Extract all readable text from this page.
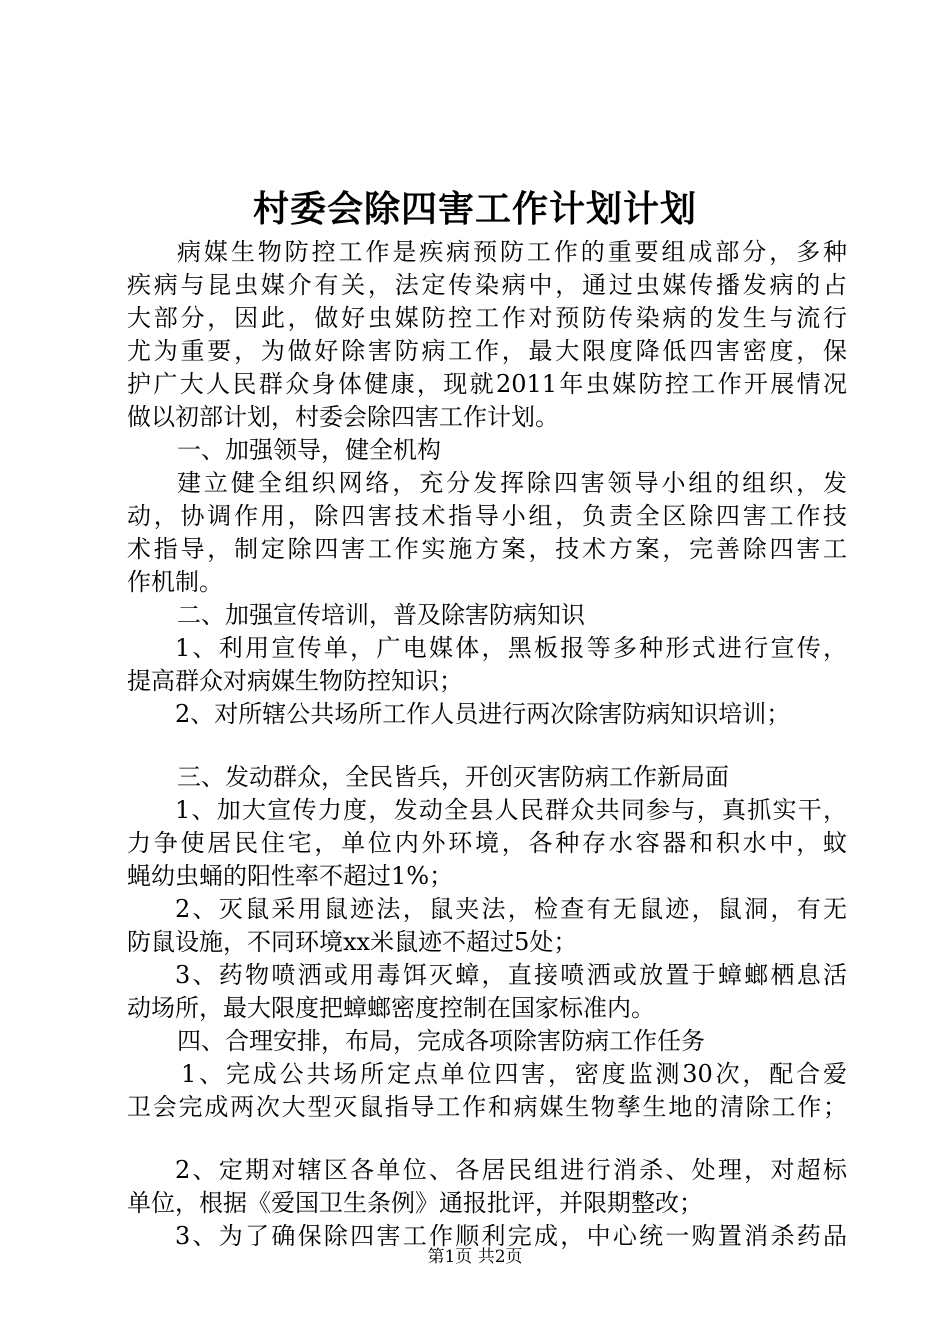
村委会除四害工作计划计划
病媒生物防控工作是疾病预防工作的重要组成部分，多种
疾病与昆虫媒介有关，法定传染病中，通过虫媒传播发病的占
大部分，因此，做好虫媒防控工作对预防传染病的发生与流行
尤为重要，为做好除害防病工作，最大限度降低四害密度，保
护广大人民群众身体健康，现就2011年虫媒防控工作开展情况
做以初部计划，村委会除四害工作计划。
一、加强领导，健全机构
建立健全组织网络，充分发挥除四害领导小组的组织，发
动，协调作用，除四害技术指导小组，负责全区除四害工作技
术指导，制定除四害工作实施方案，技术方案，完善除四害工
作机制。
二、加强宣传培训，普及除害防病知识
1、利用宣传单，广电媒体，黑板报等多种形式进行宣传，
提高群众对病媒生物防控知识；
2、对所辖公共场所工作人员进行两次除害防病知识培训；
三、发动群众，全民皆兵，开创灭害防病工作新局面
1、加大宣传力度，发动全县人民群众共同参与，真抓实干，
力争使居民住宅，单位内外环境，各种存水容器和积水中，蚊
蝇幼虫蛹的阳性率不超过1%；
2、灭鼠采用鼠迹法，鼠夹法，检查有无鼠迹，鼠洞，有无
防鼠设施，不同环境xx米鼠迹不超过5处；
3、药物喷洒或用毒饵灭蟑，直接喷洒或放置于蟑螂栖息活
动场所，最大限度把蟑螂密度控制在国家标准内。
四、合理安排，布局，完成各项除害防病工作任务
1、完成公共场所定点单位四害，密度监测30次，配合爱
卫会完成两次大型灭鼠指导工作和病媒生物孳生地的清除工作；
2、定期对辖区各单位、各居民组进行消杀、处理，对超标
单位，根据《爱国卫生条例》通报批评，并限期整改；
3、为了确保除四害工作顺利完成，中心统一购置消杀药品
第1页 共2页
